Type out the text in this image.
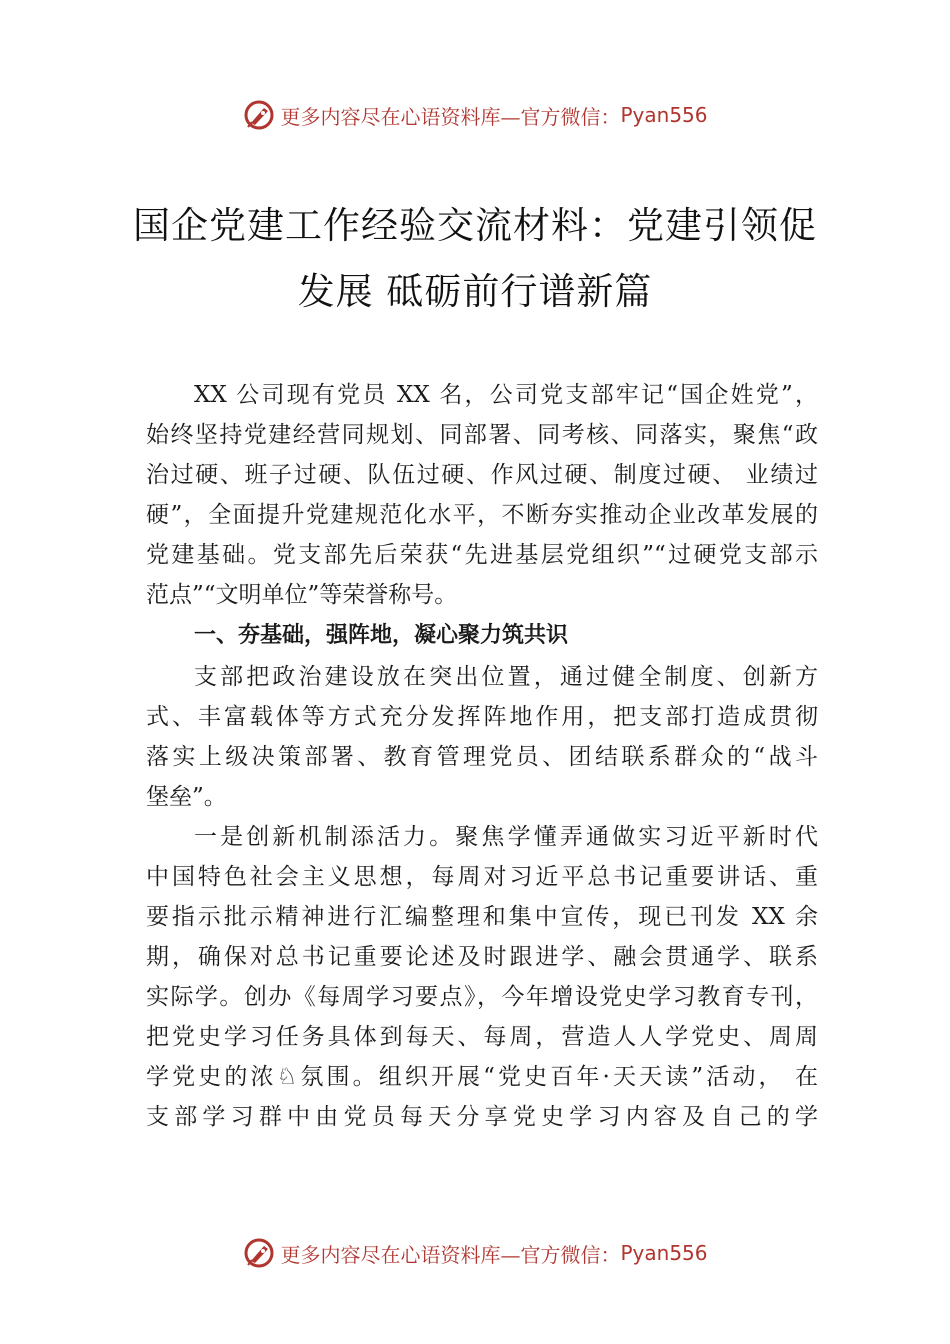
更多内容尽在心语资料库—官方微信： Pyan556
国企党建工作经验交流材料：党建引领促
发展 砥砺前行谱新篇
XX 公司现有党员 XX 名，公司党支部牢记“国企姓党”，
始终坚持党建经营同规划、同部署、同考核、同落实，聚焦“政
治过硬、班子过硬、队伍过硬、作风过硬、制度过硬、 业绩过
硬”，全面提升党建规范化水平，不断夯实推动企业改革发展的
党建基础。党支部先后荣获“先进基层党组织”“过硬党支部示
范点”“文明单位”等荣誉称号。
一、夯基础，强阵地，凝心聚力筑共识
支部把政治建设放在突出位置，通过健全制度、创新方
式、丰富载体等方式充分发挥阵地作用，把支部打造成贯彻
落实上级决策部署、教育管理党员、团结联系群众的“战斗
堡垒”。
一是创新机制添活力。聚焦学懂弄通做实习近平新时代
中国特色社会主义思想，每周对习近平总书记重要讲话、重
要指示批示精神进行汇编整理和集中宣传，现已刊发 XX 余
期，确保对总书记重要论述及时跟进学、融会贯通学、联系
实际学。创办《每周学习要点》，今年增设党史学习教育专刊，
把党史学习任务具体到每天、每周，营造人人学党史、周周
学党史的浓♘氛围。组织开展“党史百年·天天读”活动， 在
支部学习群中由党员每天分享党史学习内容及自己的学
更多内容尽在心语资料库—官方微信： Pyan556
